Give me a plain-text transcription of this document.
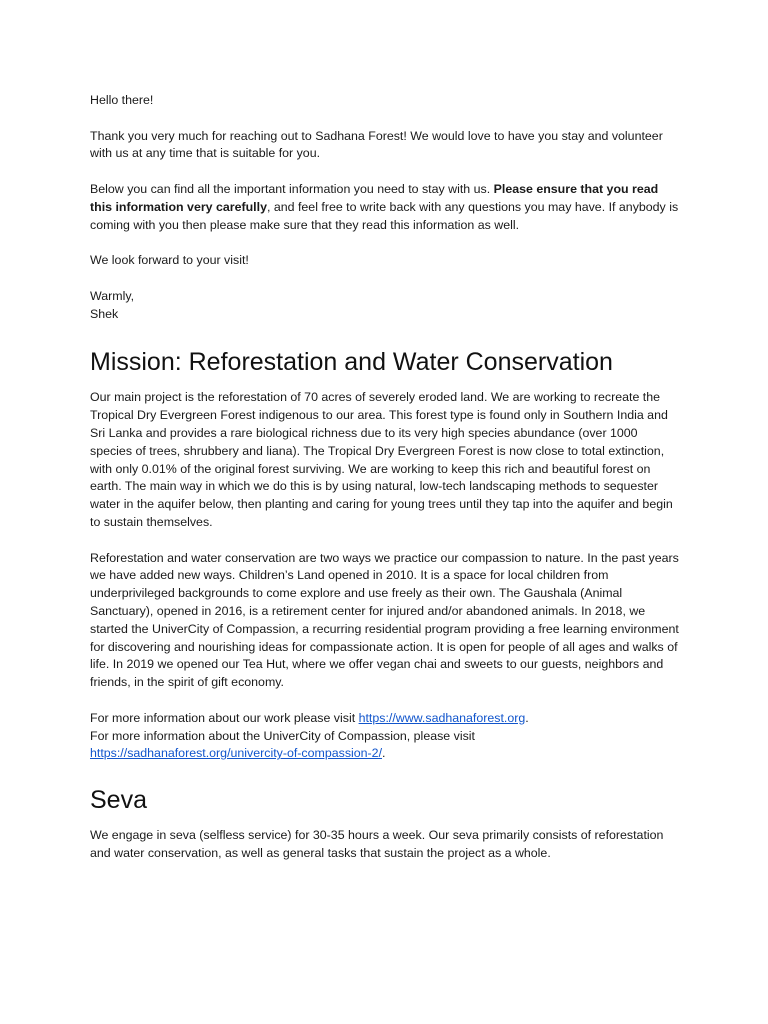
Hello there!

Thank you very much for reaching out to Sadhana Forest! We would love to have you stay and volunteer with us at any time that is suitable for you.

Below you can find all the important information you need to stay with us. Please ensure that you read this information very carefully, and feel free to write back with any questions you may have. If anybody is coming with you then please make sure that they read this information as well.

We look forward to your visit!

Warmly,
Shek

Mission: Reforestation and Water Conservation

Our main project is the reforestation of 70 acres of severely eroded land. We are working to recreate the Tropical Dry Evergreen Forest indigenous to our area. This forest type is found only in Southern India and Sri Lanka and provides a rare biological richness due to its very high species abundance (over 1000 species of trees, shrubbery and liana). The Tropical Dry Evergreen Forest is now close to total extinction, with only 0.01% of the original forest surviving. We are working to keep this rich and beautiful forest on earth. The main way in which we do this is by using natural, low-tech landscaping methods to sequester water in the aquifer below, then planting and caring for young trees until they tap into the aquifer and begin to sustain themselves.

Reforestation and water conservation are two ways we practice our compassion to nature. In the past years we have added new ways. Children’s Land opened in 2010. It is a space for local children from underprivileged backgrounds to come explore and use freely as their own. The Gaushala (Animal Sanctuary), opened in 2016, is a retirement center for injured and/or abandoned animals. In 2018, we started the UniverCity of Compassion, a recurring residential program providing a free learning environment for discovering and nourishing ideas for compassionate action. It is open for people of all ages and walks of life. In 2019 we opened our Tea Hut, where we offer vegan chai and sweets to our guests, neighbors and friends, in the spirit of gift economy.

For more information about our work please visit https://www.sadhanaforest.org.
For more information about the UniverCity of Compassion, please visit
https://sadhanaforest.org/univercity-of-compassion-2/.

Seva

We engage in seva (selfless service) for 30-35 hours a week. Our seva primarily consists of reforestation and water conservation, as well as general tasks that sustain the project as a whole.
